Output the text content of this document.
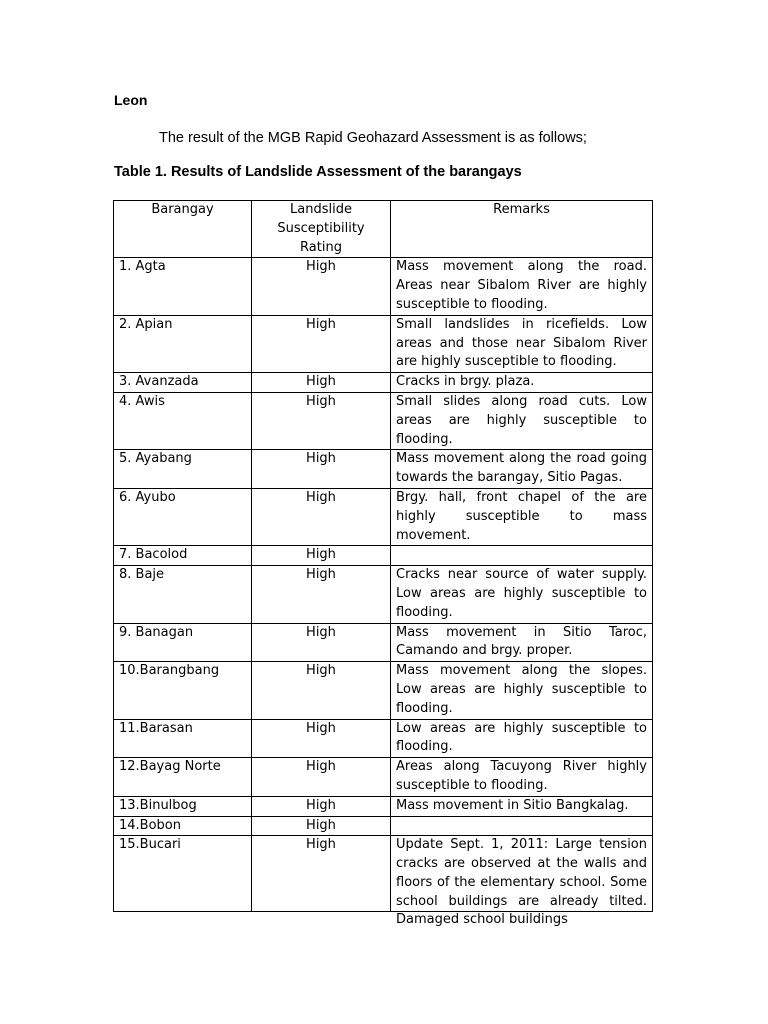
Leon
The result of the MGB Rapid Geohazard Assessment is as follows;
Table 1. Results of Landslide Assessment of the barangays
Barangay	Landslide Susceptibility Rating	Remarks
1. Agta	High	Mass movement along the road. Areas near Sibalom River are highly susceptible to flooding.
2. Apian	High	Small landslides in ricefields. Low areas and those near Sibalom River are highly susceptible to flooding.
3. Avanzada	High	Cracks in brgy. plaza.
4. Awis	High	Small slides along road cuts. Low areas are highly susceptible to flooding.
5. Ayabang	High	Mass movement along the road going towards the barangay, Sitio Pagas.
6. Ayubo	High	Brgy. hall, front chapel of the are highly susceptible to mass movement.
7. Bacolod	High	
8. Baje	High	Cracks near source of water supply. Low areas are highly susceptible to flooding.
9. Banagan	High	Mass movement in Sitio Taroc, Camando and brgy. proper.
10.Barangbang	High	Mass movement along the slopes. Low areas are highly susceptible to flooding.
11.Barasan	High	Low areas are highly susceptible to flooding.
12.Bayag Norte	High	Areas along Tacuyong River highly susceptible to flooding.
13.Binulbog	High	Mass movement in Sitio Bangkalag.
14.Bobon	High	
15.Bucari	High	Update Sept. 1, 2011: Large tension cracks are observed at the walls and floors of the elementary school. Some school buildings are already tilted. Damaged school buildings
